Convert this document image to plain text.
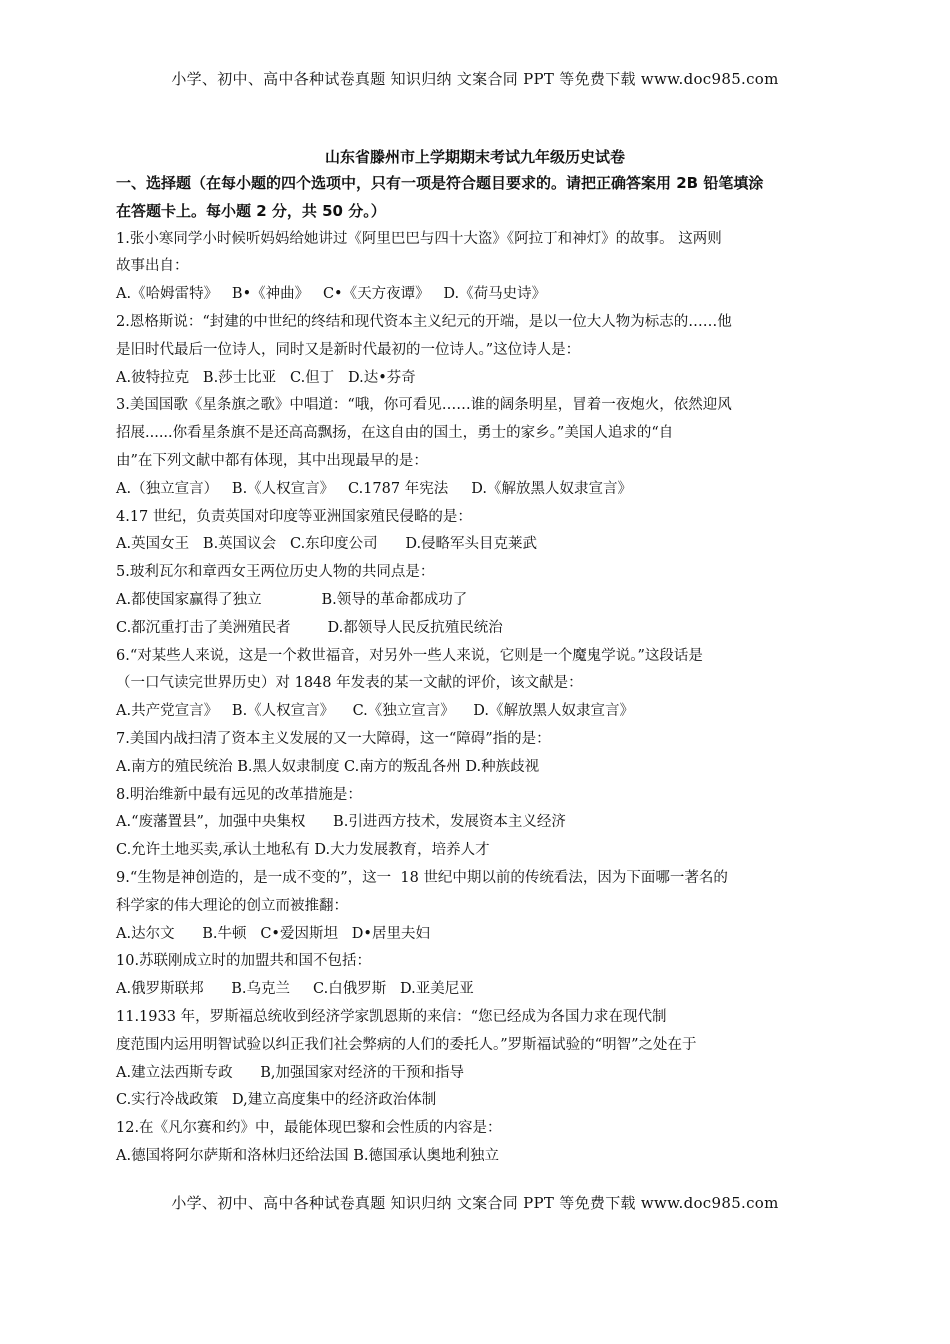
小学、初中、高中各种试卷真题 知识归纳 文案合同 PPT 等免费下载 www.doc985.com
山东省滕州市上学期期末考试九年级历史试卷
一、选择题（在每小题的四个选项中，只有一项是符合题目要求的。请把正确答案用 2B 铅笔填涂
在答题卡上。每小题 2 分，共 50 分。）
1.张小寒同学小时候听妈妈给她讲过《阿里巴巴与四十大盗》《阿拉丁和神灯》的故事。 这两则
故事出自：
A.《哈姆雷特》   B•《神曲》   C•《天方夜谭》   D.《荷马史诗》
2.恩格斯说：“封建的中世纪的终结和现代资本主义纪元的开端，是以一位大人物为标志的……他
是旧时代最后一位诗人，同时又是新时代最初的一位诗人。”这位诗人是：
A.彼特拉克   B.莎士比亚   C.但丁   D.达•芬奇
3.美国国歌《星条旗之歌》中唱道：“哦，你可看见……谁的阔条明星，冒着一夜炮火，依然迎风
招展......你看星条旗不是还高高飘扬，在这自由的国土，勇士的家乡。”美国人追求的“自
由”在下列文献中都有体现，其中出现最早的是：
A.（独立宣言）   B.《人权宣言》   C.1787 年宪法     D.《解放黑人奴隶宣言》
4.17 世纪，负责英国对印度等亚洲国家殖民侵略的是：
A.英国女王   B.英国议会   C.东印度公司      D.侵略军头目克莱武
5.玻利瓦尔和章西女王两位历史人物的共同点是：
A.都使国家赢得了独立             B.领导的革命都成功了
C.都沉重打击了美洲殖民者        D.都领导人民反抗殖民统治
6.“对某些人来说，这是一个救世福音，对另外一些人来说，它则是一个魔鬼学说。”这段话是
（一口气读完世界历史）对 1848 年发表的某一文献的评价，该文献是：
A.共产党宣言》   B.《人权宣言》    C.《独立宣言》    D.《解放黑人奴隶宣言》
7.美国内战扫清了资本主义发展的又一大障碍，这一“障碍”指的是：
A.南方的殖民统治 B.黑人奴隶制度 C.南方的叛乱各州 D.种族歧视
8.明治维新中最有远见的改革措施是：
A.“废藩置县”，加强中央集权      B.引进西方技术，发展资本主义经济
C.允许土地买卖,承认土地私有 D.大力发展教育，培养人才
9.“生物是神创造的，是一成不变的”，这一  18 世纪中期以前的传统看法，因为下面哪一著名的
科学家的伟大理论的创立而被推翻：
A.达尔文      B.牛顿   C•爱因斯坦   D•居里夫妇
10.苏联刚成立时的加盟共和国不包括：
A.俄罗斯联邦      B.乌克兰     C.白俄罗斯   D.亚美尼亚
11.1933 年，罗斯福总统收到经济学家凯恩斯的来信：“您已经成为各国力求在现代制
度范围内运用明智试验以纠正我们社会弊病的人们的委托人。”罗斯福试验的“明智”之处在于
A.建立法西斯专政      B,加强国家对经济的干预和指导
C.实行冷战政策   D,建立高度集中的经济政治体制
12.在《凡尔赛和约》中，最能体现巴黎和会性质的内容是：
A.德国将阿尔萨斯和洛林归还给法国 B.德国承认奥地利独立
小学、初中、高中各种试卷真题 知识归纳 文案合同 PPT 等免费下载 www.doc985.com
